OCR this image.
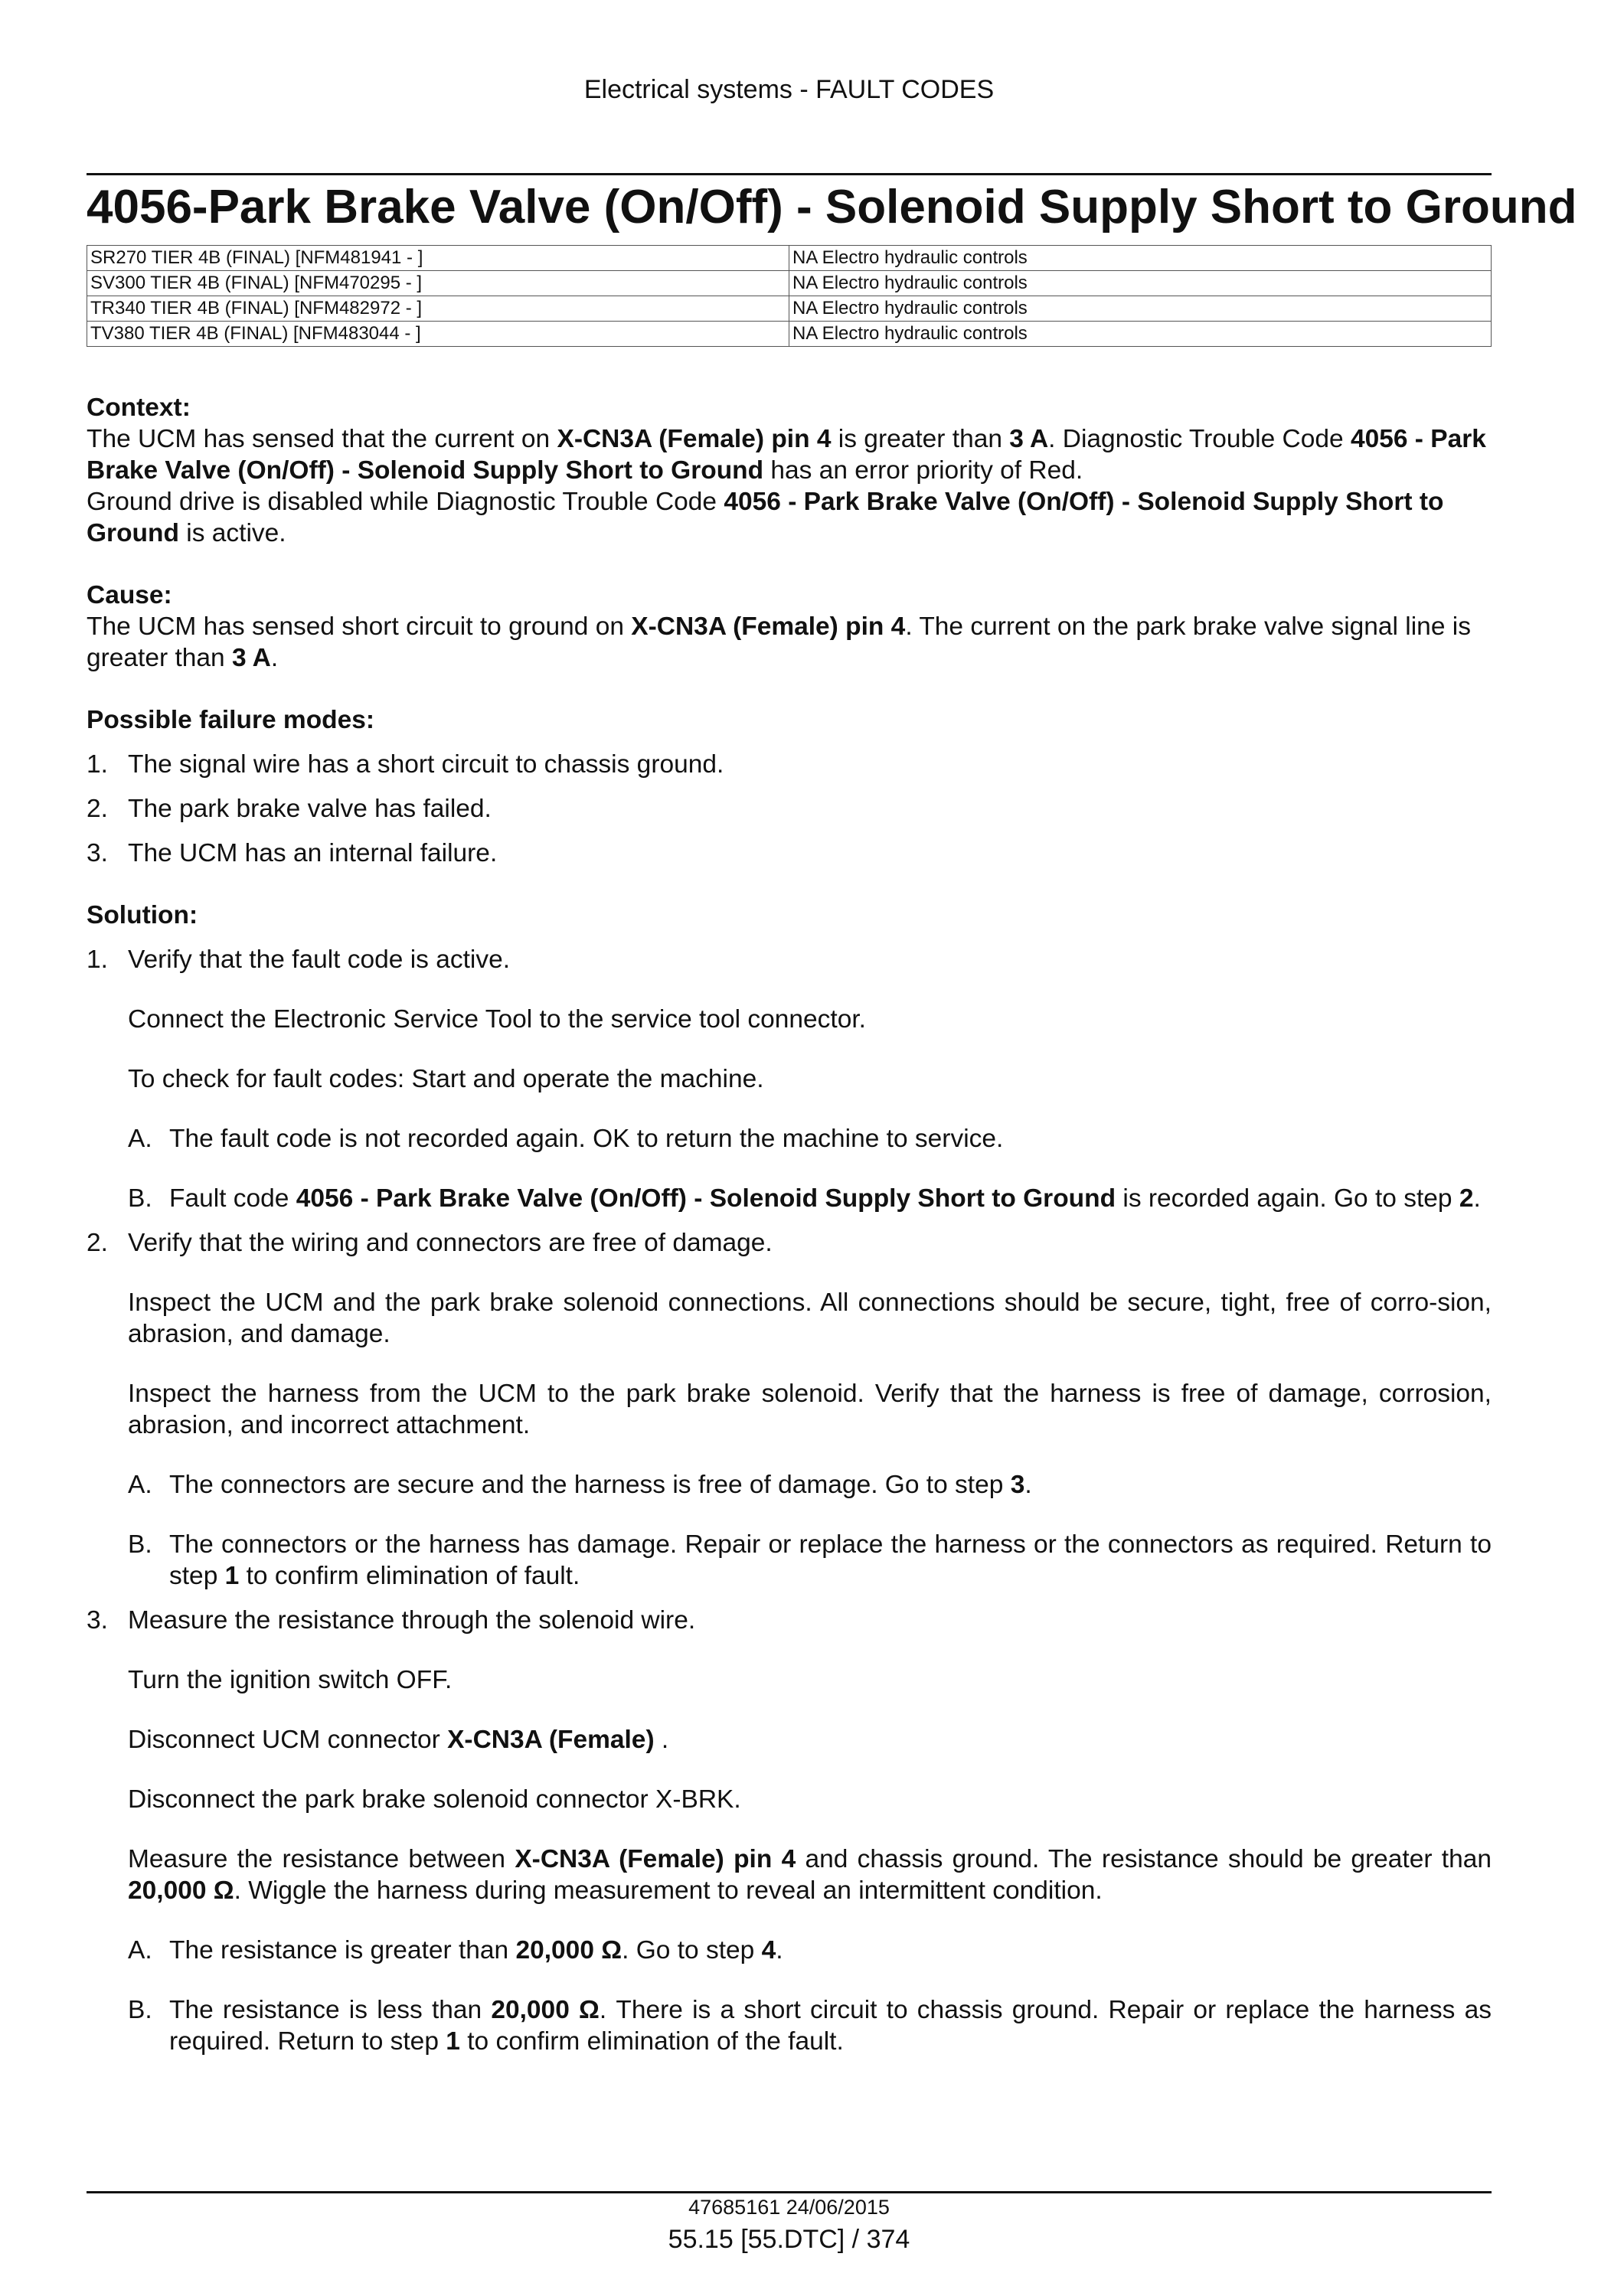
Electrical systems - FAULT CODES
4056-Park Brake Valve (On/Off) - Solenoid Supply Short to Ground
SR270 TIER 4B (FINAL) [NFM481941 - ]	NA Electro hydraulic controls
SV300 TIER 4B (FINAL) [NFM470295 - ]	NA Electro hydraulic controls
TR340 TIER 4B (FINAL) [NFM482972 - ]	NA Electro hydraulic controls
TV380 TIER 4B (FINAL) [NFM483044 - ]	NA Electro hydraulic controls

Context:

The UCM has sensed that the current on X-CN3A (Female) pin 4 is greater than 3 A. Diagnostic Trouble Code 4056 - Park Brake Valve (On/Off) - Solenoid Supply Short to Ground has an error priority of Red.

Ground drive is disabled while Diagnostic Trouble Code 4056 - Park Brake Valve (On/Off) - Solenoid Supply Short to Ground is active.

Cause:

The UCM has sensed short circuit to ground on X-CN3A (Female) pin 4. The current on the park brake valve signal line is greater than 3 A.

Possible failure modes:

1. The signal wire has a short circuit to chassis ground.
2. The park brake valve has failed.
3. The UCM has an internal failure.

Solution:

1. Verify that the fault code is active.

Connect the Electronic Service Tool to the service tool connector.

To check for fault codes: Start and operate the machine.

A. The fault code is not recorded again. OK to return the machine to service.
B. Fault code 4056 - Park Brake Valve (On/Off) - Solenoid Supply Short to Ground is recorded again. Go to step 2.
2. Verify that the wiring and connectors are free of damage.

Inspect the UCM and the park brake solenoid connections. All connections should be secure, tight, free of corro-sion, abrasion, and damage.

Inspect the harness from the UCM to the park brake solenoid. Verify that the harness is free of damage, corrosion, abrasion, and incorrect attachment.

A. The connectors are secure and the harness is free of damage. Go to step 3.
B. The connectors or the harness has damage. Repair or replace the harness or the connectors as required. Return to step 1 to confirm elimination of fault.
3. Measure the resistance through the solenoid wire.

Turn the ignition switch OFF.

Disconnect UCM connector X-CN3A (Female) .

Disconnect the park brake solenoid connector X-BRK.

Measure the resistance between X-CN3A (Female) pin 4 and chassis ground. The resistance should be greater than 20,000 Ω. Wiggle the harness during measurement to reveal an intermittent condition.

A. The resistance is greater than 20,000 Ω. Go to step 4.
B. The resistance is less than 20,000 Ω. There is a short circuit to chassis ground. Repair or replace the harness as required. Return to step 1 to confirm elimination of the fault.
47685161 24/06/2015
55.15 [55.DTC] / 374
